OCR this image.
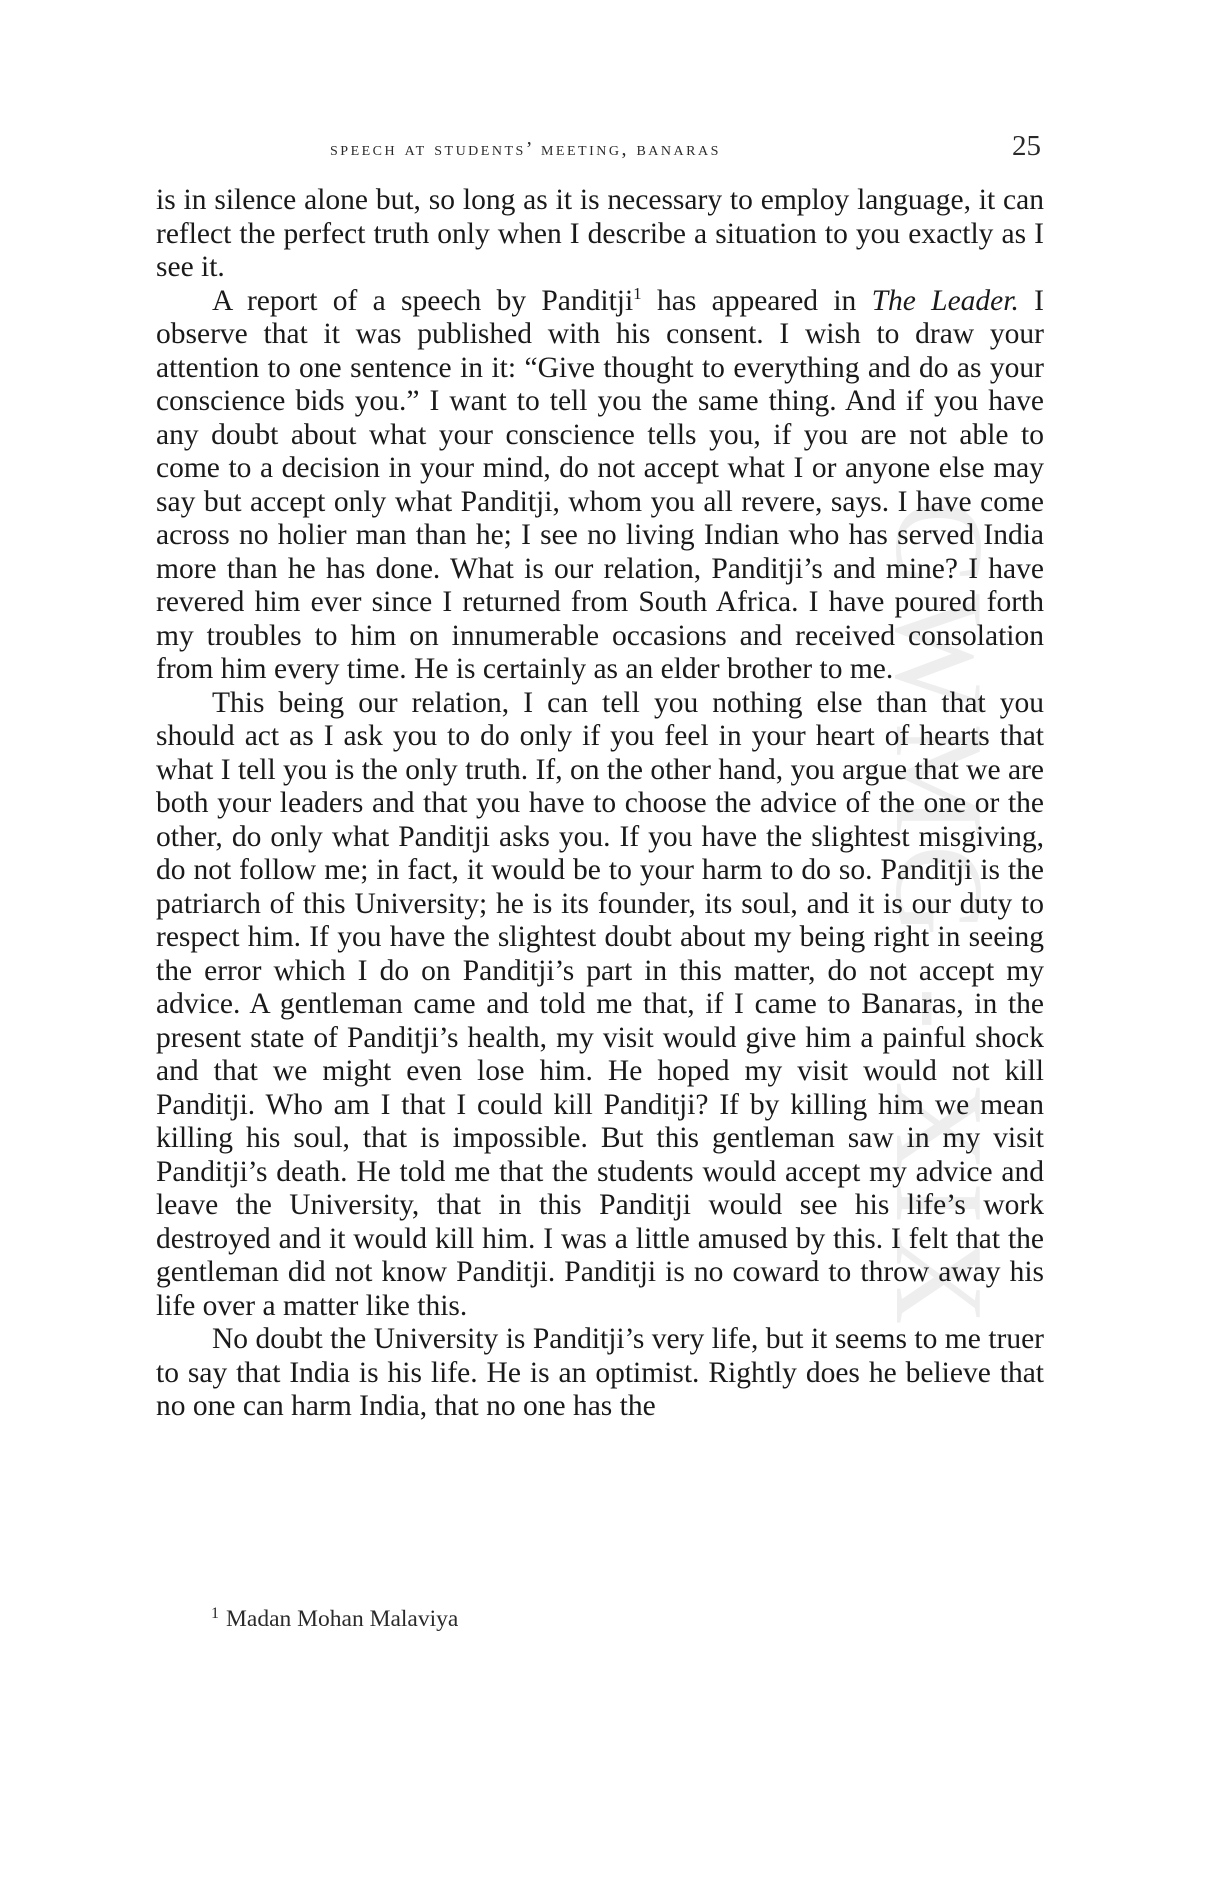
CWMG - XIX
speech at students’ meeting, banaras	25

is in silence alone but, so long as it is necessary to employ language, it can reflect the perfect truth only when I describe a situation to you exactly as I see it.

A report of a speech by Panditji$^1$ has appeared in The Leader. I observe that it was published with his consent. I wish to draw your attention to one sentence in it: “Give thought to everything and do as your conscience bids you.” I want to tell you the same thing. And if you have any doubt about what your conscience tells you, if you are not able to come to a decision in your mind, do not accept what I or anyone else may say but accept only what Panditji, whom you all revere, says. I have come across no holier man than he; I see no living Indian who has served India more than he has done. What is our relation, Panditji’s and mine? I have revered him ever since I returned from South Africa. I have poured forth my troubles to him on innumerable occasions and received consolation from him every time. He is certainly as an elder brother to me.

This being our relation, I can tell you nothing else than that you should act as I ask you to do only if you feel in your heart of hearts that what I tell you is the only truth. If, on the other hand, you argue that we are both your leaders and that you have to choose the advice of the one or the other, do only what Panditji asks you. If you have the slightest misgiving, do not follow me; in fact, it would be to your harm to do so. Panditji is the patriarch of this University; he is its founder, its soul, and it is our duty to respect him. If you have the slightest doubt about my being right in seeing the error which I do on Panditji’s part in this matter, do not accept my advice. A gentleman came and told me that, if I came to Banaras, in the present state of Panditji’s health, my visit would give him a painful shock and that we might even lose him. He hoped my visit would not kill Panditji. Who am I that I could kill Panditji? If by killing him we mean killing his soul, that is impossible. But this gentleman saw in my visit Panditji’s death. He told me that the students would accept my advice and leave the University, that in this Panditji would see his life’s work destroyed and it would kill him. I was a little amused by this. I felt that the gentleman did not know Panditji. Panditji is no coward to throw away his life over a matter like this.

No doubt the University is Panditji’s very life, but it seems to me truer to say that India is his life. He is an optimist. Rightly does he believe that no one can harm India, that no one has the

$^1$ Madan Mohan Malaviya
